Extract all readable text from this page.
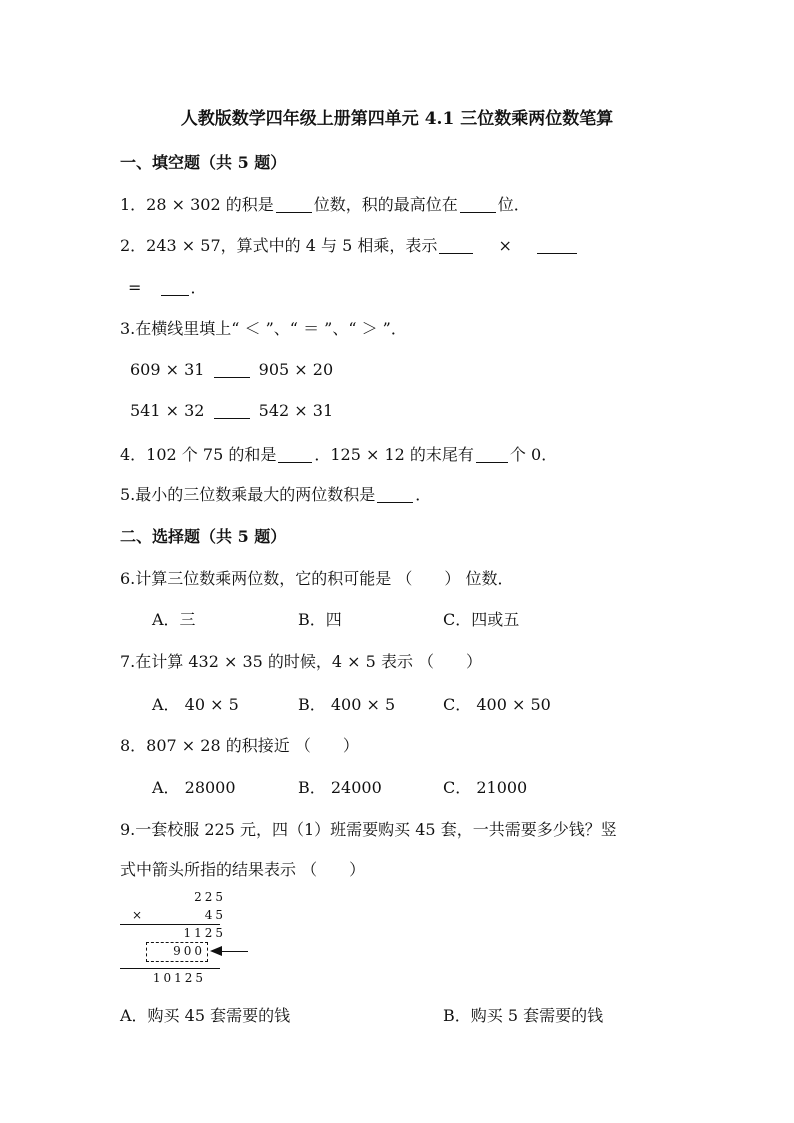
人教版数学四年级上册第四单元 4.1 三位数乘两位数笔算
一、填空题（共 5 题）
1．28 × 302 的积是	位数，积的最高位在	位．
2．243 × 57，算式中的 4 与 5 相乘，表示	×
=	．
3.在横线里填上“ ＜ ”、“ ＝ ”、“ ＞ ”．
609 × 31	905 × 20
541 × 32	542 × 31
4．102 个 75 的和是 ．125 × 12 的末尾有 个 0．
5.最小的三位数乘最大的两位数积是	．
二、选择题（共 5 题）
6.计算三位数乘两位数，它的积可能是 （　　） 位数．
A．三	B．四	C．四或五
7.在计算 432 × 35 的时候，4 × 5 表示 （　　）
A． 40 × 5	B． 400 × 5	C． 400 × 50
8．807 × 28 的积接近 （　　）
A． 28000	B． 24000	C． 21000
9.一套校服 225 元，四（1）班需要购买 45 套，一共需要多少钱？竖
式中箭头所指的结果表示 （　　）
225
×	45
1125
900
10125
A．购买 45 套需要的钱	B．购买 5 套需要的钱
